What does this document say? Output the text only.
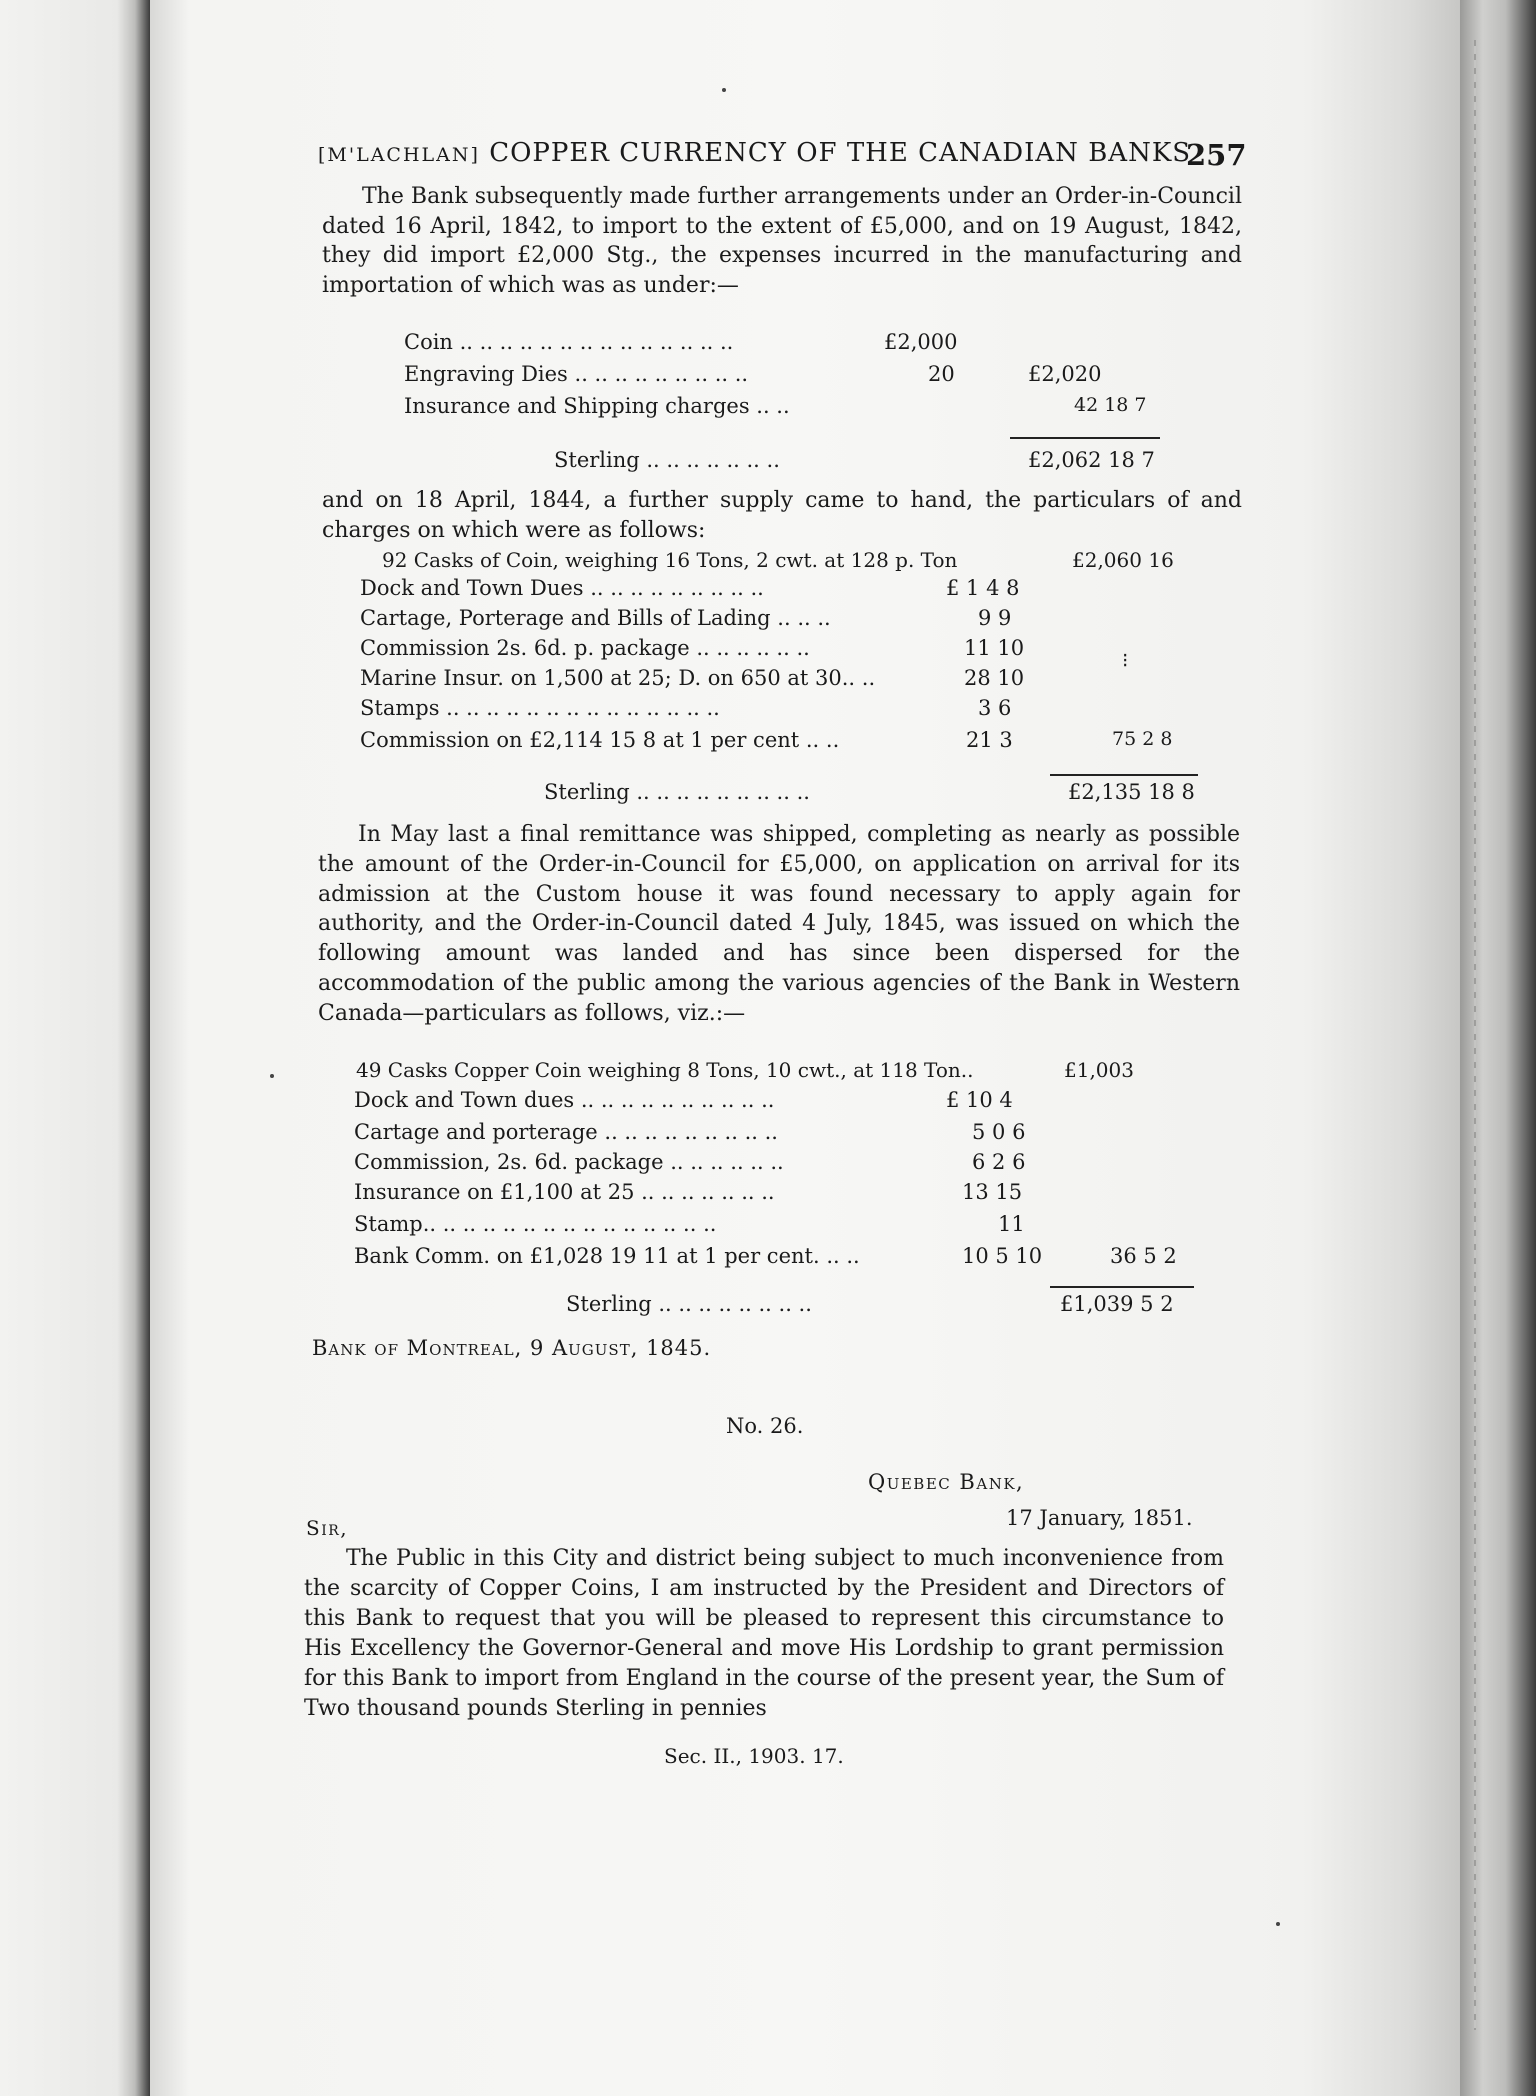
[M'LACHLAN] COPPER CURRENCY OF THE CANADIAN BANKS
257
The Bank subsequently made further arrangements under an Order-in-Council dated 16 April, 1842, to import to the extent of £5,000, and on 19 August, 1842, they did import £2,000 Stg., the expenses incurred in the manufacturing and importation of which was as under:—
Coin .. .. .. .. .. .. .. .. .. .. .. .. .. ..	£2,000
Engraving Dies .. .. .. .. .. .. .. .. ..	20	£2,020
Insurance and Shipping charges .. ..	42 18 7
Sterling .. .. .. .. .. .. ..	£2,062 18 7
and on 18 April, 1844, a further supply came to hand, the particulars of and charges on which were as follows:
92 Casks of Coin, weighing 16 Tons, 2 cwt. at 128 p. Ton	£2,060 16
Dock and Town Dues .. .. .. .. .. .. .. .. ..	£ 1 4 8
Cartage, Porterage and Bills of Lading .. .. ..	9 9
Commission 2s. 6d. p. package .. .. .. .. .. ..	11 10
Marine Insur. on 1,500 at 25; D. on 650 at 30.. ..	28 10
Stamps .. .. .. .. .. .. .. .. .. .. .. .. .. ..	3 6
Commission on £2,114 15 8 at 1 per cent .. ..	21 3	75 2 8
Sterling .. .. .. .. .. .. .. .. ..	£2,135 18 8
⁝
In May last a final remittance was shipped, completing as nearly as possible the amount of the Order-in-Council for £5,000, on application on arrival for its admission at the Custom house it was found necessary to apply again for authority, and the Order-in-Council dated 4 July, 1845, was issued on which the following amount was landed and has since been dispersed for the accommodation of the public among the various agencies of the Bank in Western Canada—particulars as follows, viz.:—
49 Casks Copper Coin weighing 8 Tons, 10 cwt., at 118 Ton..	£1,003
Dock and Town dues .. .. .. .. .. .. .. .. .. ..	£ 10 4
Cartage and porterage .. .. .. .. .. .. .. .. ..	5 0 6
Commission, 2s. 6d. package .. .. .. .. .. ..	6 2 6
Insurance on £1,100 at 25 .. .. .. .. .. .. ..	13 15
Stamp.. .. .. .. .. .. .. .. .. .. .. .. .. .. ..	11
Bank Comm. on £1,028 19 11 at 1 per cent. .. ..	10 5 10	36 5 2
Sterling .. .. .. .. .. .. .. ..	£1,039 5 2
Bank of Montreal, 9 August, 1845.
No. 26.
Quebec Bank,
17 January, 1851.
Sir,
The Public in this City and district being subject to much inconvenience from the scarcity of Copper Coins, I am instructed by the President and Directors of this Bank to request that you will be pleased to represent this circumstance to His Excellency the Governor-General and move His Lordship to grant permission for this Bank to import from England in the course of the present year, the Sum of Two thousand pounds Sterling in pennies
Sec. II., 1903. 17.
